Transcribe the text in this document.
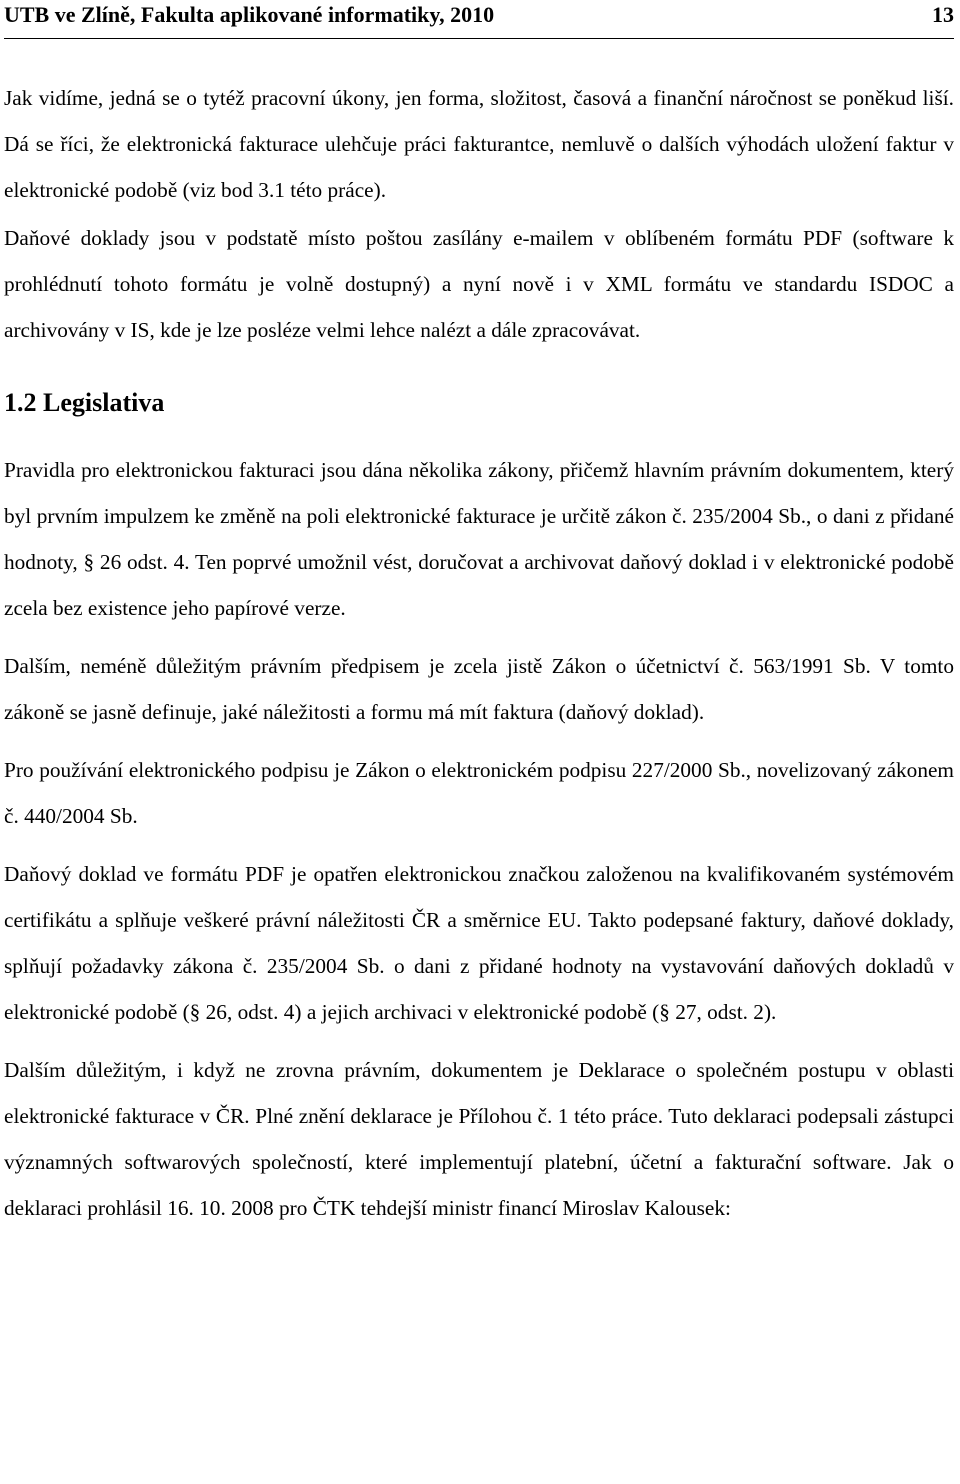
UTB ve Zlíně, Fakulta aplikované informatiky, 2010	13

Jak vidíme, jedná se o tytéž pracovní úkony, jen forma, složitost, časová a finanční náročnost se poněkud liší. Dá se říci, že elektronická fakturace ulehčuje práci fakturantce, nemluvě o dalších výhodách uložení faktur v elektronické podobě (viz bod 3.1 této práce).

Daňové doklady jsou v podstatě místo poštou zasílány e-mailem v oblíbeném formátu PDF (software k prohlédnutí tohoto formátu je volně dostupný) a nyní nově i v XML formátu ve standardu ISDOC a archivovány v IS, kde je lze posléze velmi lehce nalézt a dále zpracovávat.

1.2 Legislativa

Pravidla pro elektronickou fakturaci jsou dána několika zákony, přičemž hlavním právním dokumentem, který byl prvním impulzem ke změně na poli elektronické fakturace je určitě zákon č. 235/2004 Sb., o dani z přidané hodnoty, § 26 odst. 4. Ten poprvé umožnil vést, doručovat a archivovat daňový doklad i v elektronické podobě zcela bez existence jeho papírové verze.

Dalším, neméně důležitým právním předpisem je zcela jistě Zákon o účetnictví č. 563/1991 Sb. V tomto zákoně se jasně definuje, jaké náležitosti a formu má mít faktura (daňový doklad).

Pro používání elektronického podpisu je Zákon o elektronickém podpisu 227/2000 Sb., novelizovaný zákonem č. 440/2004 Sb.

Daňový doklad ve formátu PDF je opatřen elektronickou značkou založenou na kvalifikovaném systémovém certifikátu a splňuje veškeré právní náležitosti ČR a směrnice EU. Takto podepsané faktury, daňové doklady, splňují požadavky zákona č. 235/2004 Sb. o dani z přidané hodnoty na vystavování daňových dokladů v elektronické podobě (§ 26, odst. 4) a jejich archivaci v elektronické podobě (§ 27, odst. 2).

Dalším důležitým, i když ne zrovna právním, dokumentem je Deklarace o společném postupu v oblasti elektronické fakturace v ČR. Plné znění deklarace je Přílohou č. 1 této práce. Tuto deklaraci podepsali zástupci významných softwarových společností, které implementují platební, účetní a fakturační software. Jak o deklaraci prohlásil 16. 10. 2008 pro ČTK tehdejší ministr financí Miroslav Kalousek:
